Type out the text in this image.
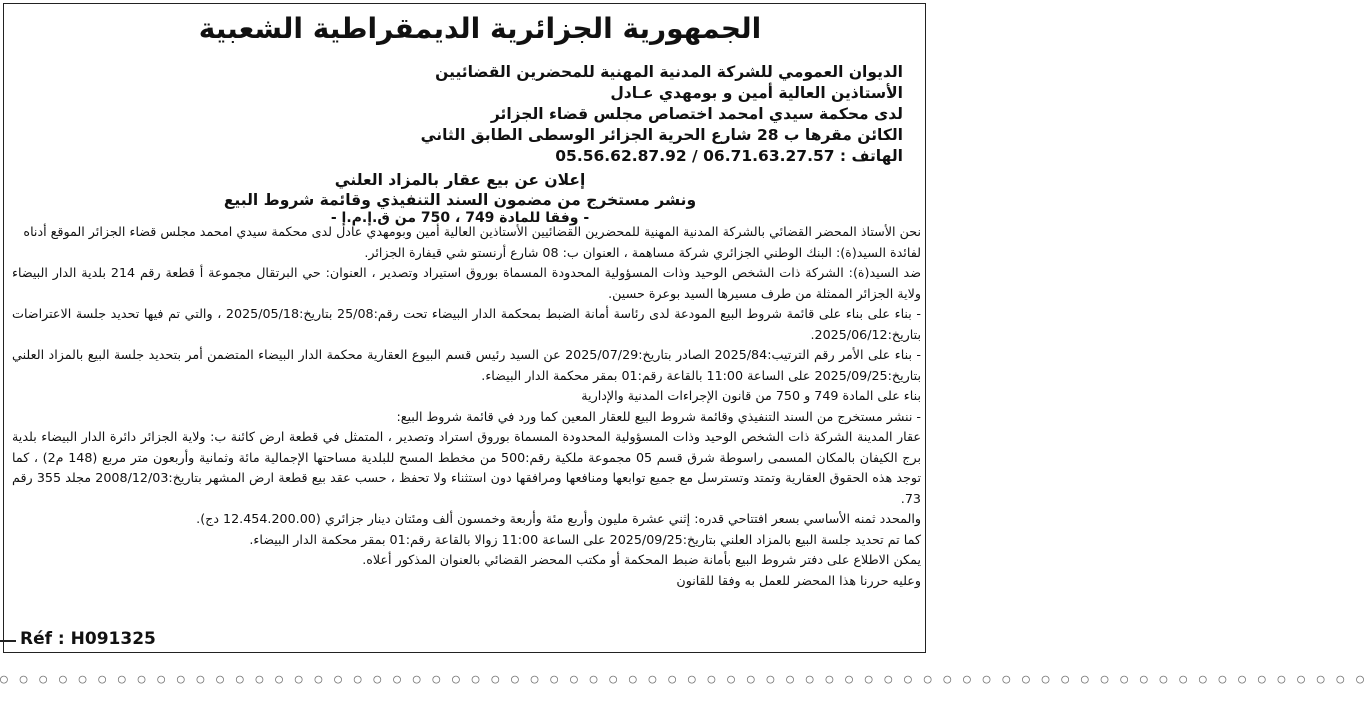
الجمهورية الجزائرية الديمقراطية الشعبية
الديوان العمومي للشركة المدنية المهنية للمحضرين القضائيين
الأستاذين العالية أمين و بومهدي عـادل
لدى محكمة سيدي امحمد اختصاص مجلس قضاء الجزائر
الكائن مقرها ب 28 شارع الحرية الجزائر الوسطى الطابق الثاني
الهاتف : 06.71.63.27.57 / 05.56.62.87.92
إعلان عن بيع عقار بالمزاد العلني
ونشر مستخرج من مضمون السند التنفيذي وقائمة شروط البيع
- وفقا للمادة 749 ، 750 من ق.إ.م.إ -

نحن الأستاذ المحضر القضائي بالشركة المدنية المهنية للمحضرين القضائيين الأستاذين العالية أمين وبومهدي عادل لدى محكمة سيدي امحمد مجلس قضاء الجزائر الموقع أدناه

لفائدة السيد(ة): البنك الوطني الجزائري شركة مساهمة ، العنوان ب: 08 شارع أرنستو شي قيفارة الجزائر.

ضد السيد(ة): الشركة ذات الشخص الوحيد وذات المسؤولية المحدودة المسماة بوروق استيراد وتصدير ، العنوان: حي البرتقال مجموعة أ قطعة رقم 214 بلدية الدار البيضاء ولاية الجزائر الممثلة من طرف مسيرها السيد بوعرة حسين.

- بناء على بناء على قائمة شروط البيع المودعة لدى رئاسة أمانة الضبط بمحكمة الدار البيضاء تحت رقم:25/08 بتاريخ:2025/05/18 ، والتي تم فيها تحديد جلسة الاعتراضات بتاريخ:2025/06/12.

- بناء على الأمر رقم الترتيب:2025/84 الصادر بتاريخ:2025/07/29 عن السيد رئيس قسم البيوع العقارية محكمة الدار البيضاء المتضمن أمر بتحديد جلسة البيع بالمزاد العلني بتاريخ:2025/09/25 على الساعة 11:00 بالقاعة رقم:01 بمقر محكمة الدار البيضاء.

بناء على المادة 749 و 750 من قانون الإجراءات المدنية والإدارية

- ننشر مستخرج من السند التنفيذي وقائمة شروط البيع للعقار المعين كما ورد في قائمة شروط البيع:

عقار المدينة الشركة ذات الشخص الوحيد وذات المسؤولية المحدودة المسماة بوروق استراد وتصدير ، المتمثل في قطعة ارض كائنة ب: ولاية الجزائر دائرة الدار البيضاء بلدية برج الكيفان بالمكان المسمى راسوطة شرق قسم 05 مجموعة ملكية رقم:500 من مخطط المسح للبلدية مساحتها الإجمالية مائة وثمانية وأربعون متر مربع (148 م2) ، كما توجد هذه الحقوق العقارية وتمتد وتسترسل مع جميع توابعها ومنافعها ومرافقها دون استثناء ولا تحفظ ، حسب عقد بيع قطعة ارض المشهر بتاريخ:2008/12/03 مجلد 355 رقم 73.

والمحدد ثمنه الأساسي بسعر افتتاحي قدره: إثني عشرة مليون وأربع مئة وأربعة وخمسون ألف ومئتان دينار جزائري (12.454.200.00 دج).

كما تم تحديد جلسة البيع بالمزاد العلني بتاريخ:2025/09/25 على الساعة 11:00 زوالا بالقاعة رقم:01 بمقر محكمة الدار البيضاء.

يمكن الاطلاع على دفتر شروط البيع بأمانة ضبط المحكمة أو مكتب المحضر القضائي بالعنوان المذكور أعلاه.

وعليه حررنا هذا المحضر للعمل به وفقا للقانون

Réf : H091325
○ ○ ○ ○ ○ ○ ○ ○ ○ ○ ○ ○ ○ ○ ○ ○ ○ ○ ○ ○ ○ ○ ○ ○ ○ ○ ○ ○ ○ ○ ○ ○ ○ ○ ○ ○ ○ ○ ○ ○ ○ ○ ○ ○ ○ ○ ○ ○ ○ ○ ○ ○ ○ ○ ○ ○ ○ ○ ○ ○ ○ ○ ○ ○ ○ ○ ○ ○ ○ ○
